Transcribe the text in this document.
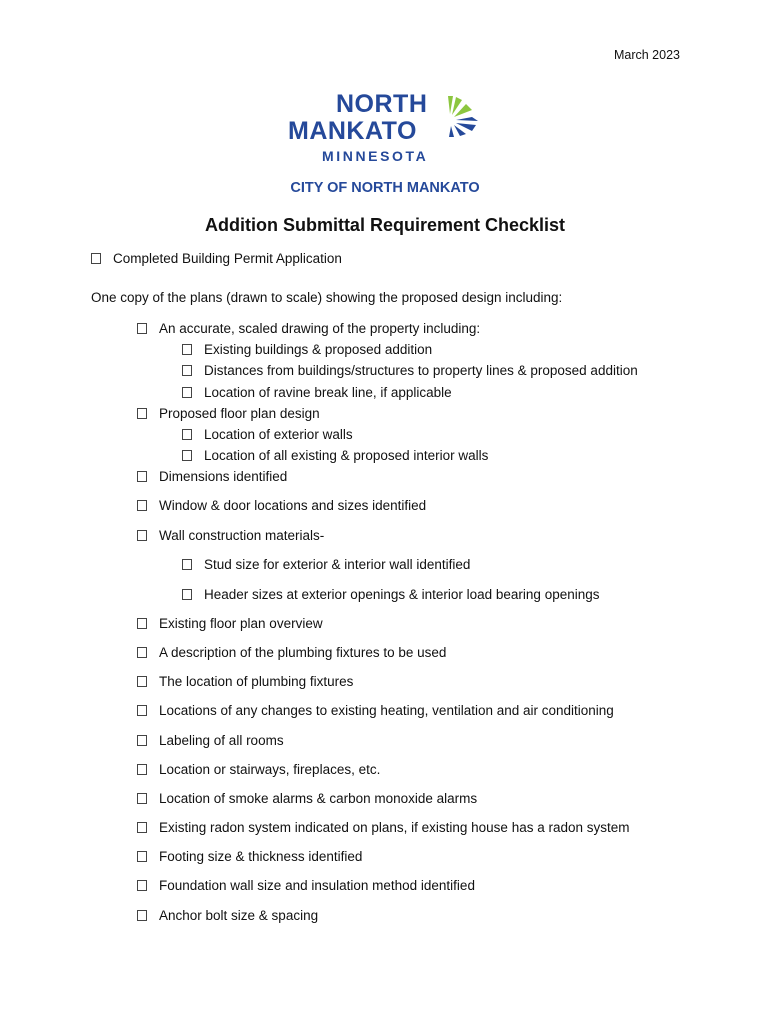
March 2023
NORTH
MANKATO
MINNESOTA
CITY OF NORTH MANKATO
Addition Submittal Requirement Checklist
Completed Building Permit Application
One copy of the plans (drawn to scale) showing the proposed design including:
An accurate, scaled drawing of the property including:
Existing buildings & proposed addition
Distances from buildings/structures to property lines & proposed addition
Location of ravine break line, if applicable
Proposed floor plan design
Location of exterior walls
Location of all existing & proposed interior walls
Dimensions identified
Window & door locations and sizes identified
Wall construction materials-
Stud size for exterior & interior wall identified
Header sizes at exterior openings & interior load bearing openings
Existing floor plan overview
A description of the plumbing fixtures to be used
The location of plumbing fixtures
Locations of any changes to existing heating, ventilation and air conditioning
Labeling of all rooms
Location or stairways, fireplaces, etc.
Location of smoke alarms & carbon monoxide alarms
Existing radon system indicated on plans, if existing house has a radon system
Footing size & thickness identified
Foundation wall size and insulation method identified
Anchor bolt size & spacing
